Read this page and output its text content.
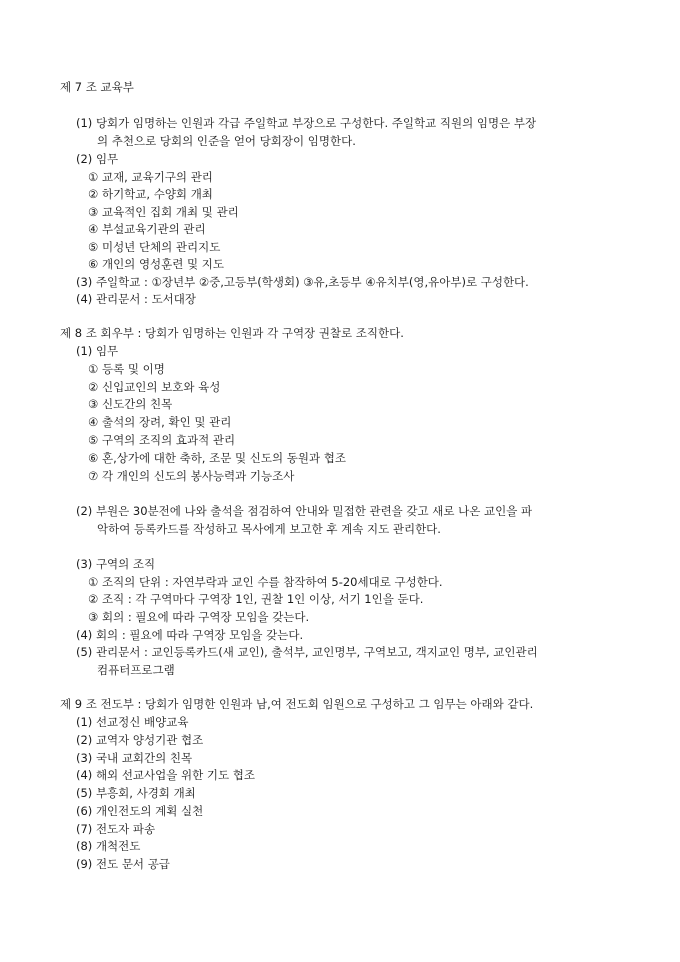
제 7 조 교육부
(1) 당회가 임명하는 인원과 각급 주일학교 부장으로 구성한다. 주일학교 직원의 임명은 부장
의 추천으로 당회의 인준을 얻어 당회장이 임명한다.
(2) 임무
① 교재, 교육기구의 관리
② 하기학교, 수양회 개최
③ 교육적인 집회 개최 및 관리
④ 부설교육기관의 관리
⑤ 미성년 단체의 관리지도
⑥ 개인의 영성훈련 및 지도
(3) 주일학교 : ①장년부 ②중,고등부(학생회) ③유,초등부 ④유치부(영,유아부)로 구성한다.
(4) 관리문서 : 도서대장
제 8 조 회우부 : 당회가 임명하는 인원과 각 구역장 권찰로 조직한다.
(1) 임무
① 등록 및 이명
② 신입교인의 보호와 육성
③ 신도간의 친목
④ 출석의 장려, 확인 및 관리
⑤ 구역의 조직의 효과적 관리
⑥ 혼,상가에 대한 축하, 조문 및 신도의 동원과 협조
⑦ 각 개인의 신도의 봉사능력과 기능조사
(2) 부원은 30분전에 나와 출석을 점검하여 안내와 밀접한 관련을 갖고 새로 나온 교인을 파
악하여 등록카드를 작성하고 목사에게 보고한 후 계속 지도 관리한다.
(3) 구역의 조직
① 조직의 단위 : 자연부락과 교인 수를 참작하여 5-20세대로 구성한다.
② 조직 : 각 구역마다 구역장 1인, 권찰 1인 이상, 서기 1인을 둔다.
③ 회의 : 필요에 따라 구역장 모임을 갖는다.
(4) 회의 : 필요에 따라 구역장 모임을 갖는다.
(5) 관리문서 : 교인등록카드(새 교인), 출석부, 교인명부, 구역보고, 객지교인 명부, 교인관리
컴퓨터프로그램
제 9 조 전도부 : 당회가 임명한 인원과 남,여 전도회 임원으로 구성하고 그 임무는 아래와 같다.
(1) 선교정신 배양교육
(2) 교역자 양성기관 협조
(3) 국내 교회간의 친목
(4) 해외 선교사업을 위한 기도 협조
(5) 부흥회, 사경회 개최
(6) 개인전도의 계획 실천
(7) 전도자 파송
(8) 개척전도
(9) 전도 문서 공급
